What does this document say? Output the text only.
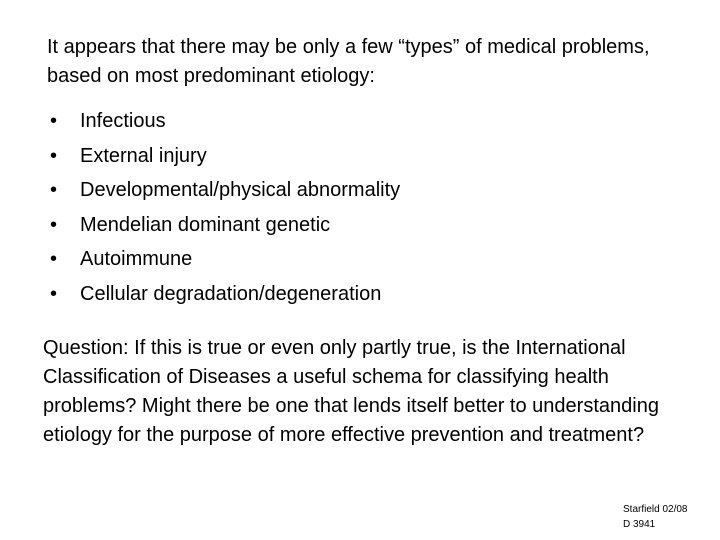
It appears that there may be only a few “types” of medical problems, based on most predominant etiology:

• Infectious
• External injury
• Developmental/physical abnormality
• Mendelian dominant genetic
• Autoimmune
• Cellular degradation/degeneration

Question: If this is true or even only partly true, is the International Classification of Diseases a useful schema for classifying health problems? Might there be one that lends itself better to understanding etiology for the purpose of more effective prevention and treatment?

Starfield 02/08
D 3941
